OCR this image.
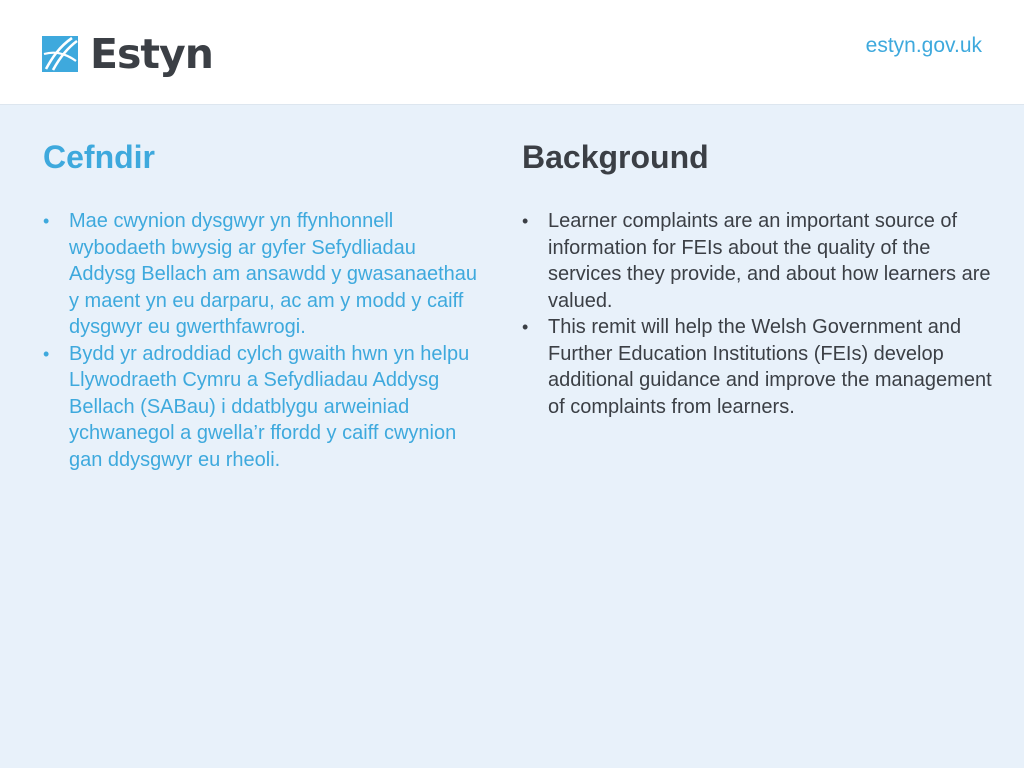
Estyn	estyn.gov.uk
Cefndir
• Mae cwynion dysgwyr yn ffynhonnell wybodaeth bwysig ar gyfer Sefydliadau Addysg Bellach am ansawdd y gwasanaethau y maent yn eu darparu, ac am y modd y caiff dysgwyr eu gwerthfawrogi.
• Bydd yr adroddiad cylch gwaith hwn yn helpu Llywodraeth Cymru a Sefydliadau Addysg Bellach (SABau) i ddatblygu arweiniad ychwanegol a gwella’r ffordd y caiff cwynion gan ddysgwyr eu rheoli.
Background
• Learner complaints are an important source of information for FEIs about the quality of the services they provide, and about how learners are valued.
• This remit will help the Welsh Government and Further Education Institutions (FEIs) develop additional guidance and improve the management of complaints from learners.
